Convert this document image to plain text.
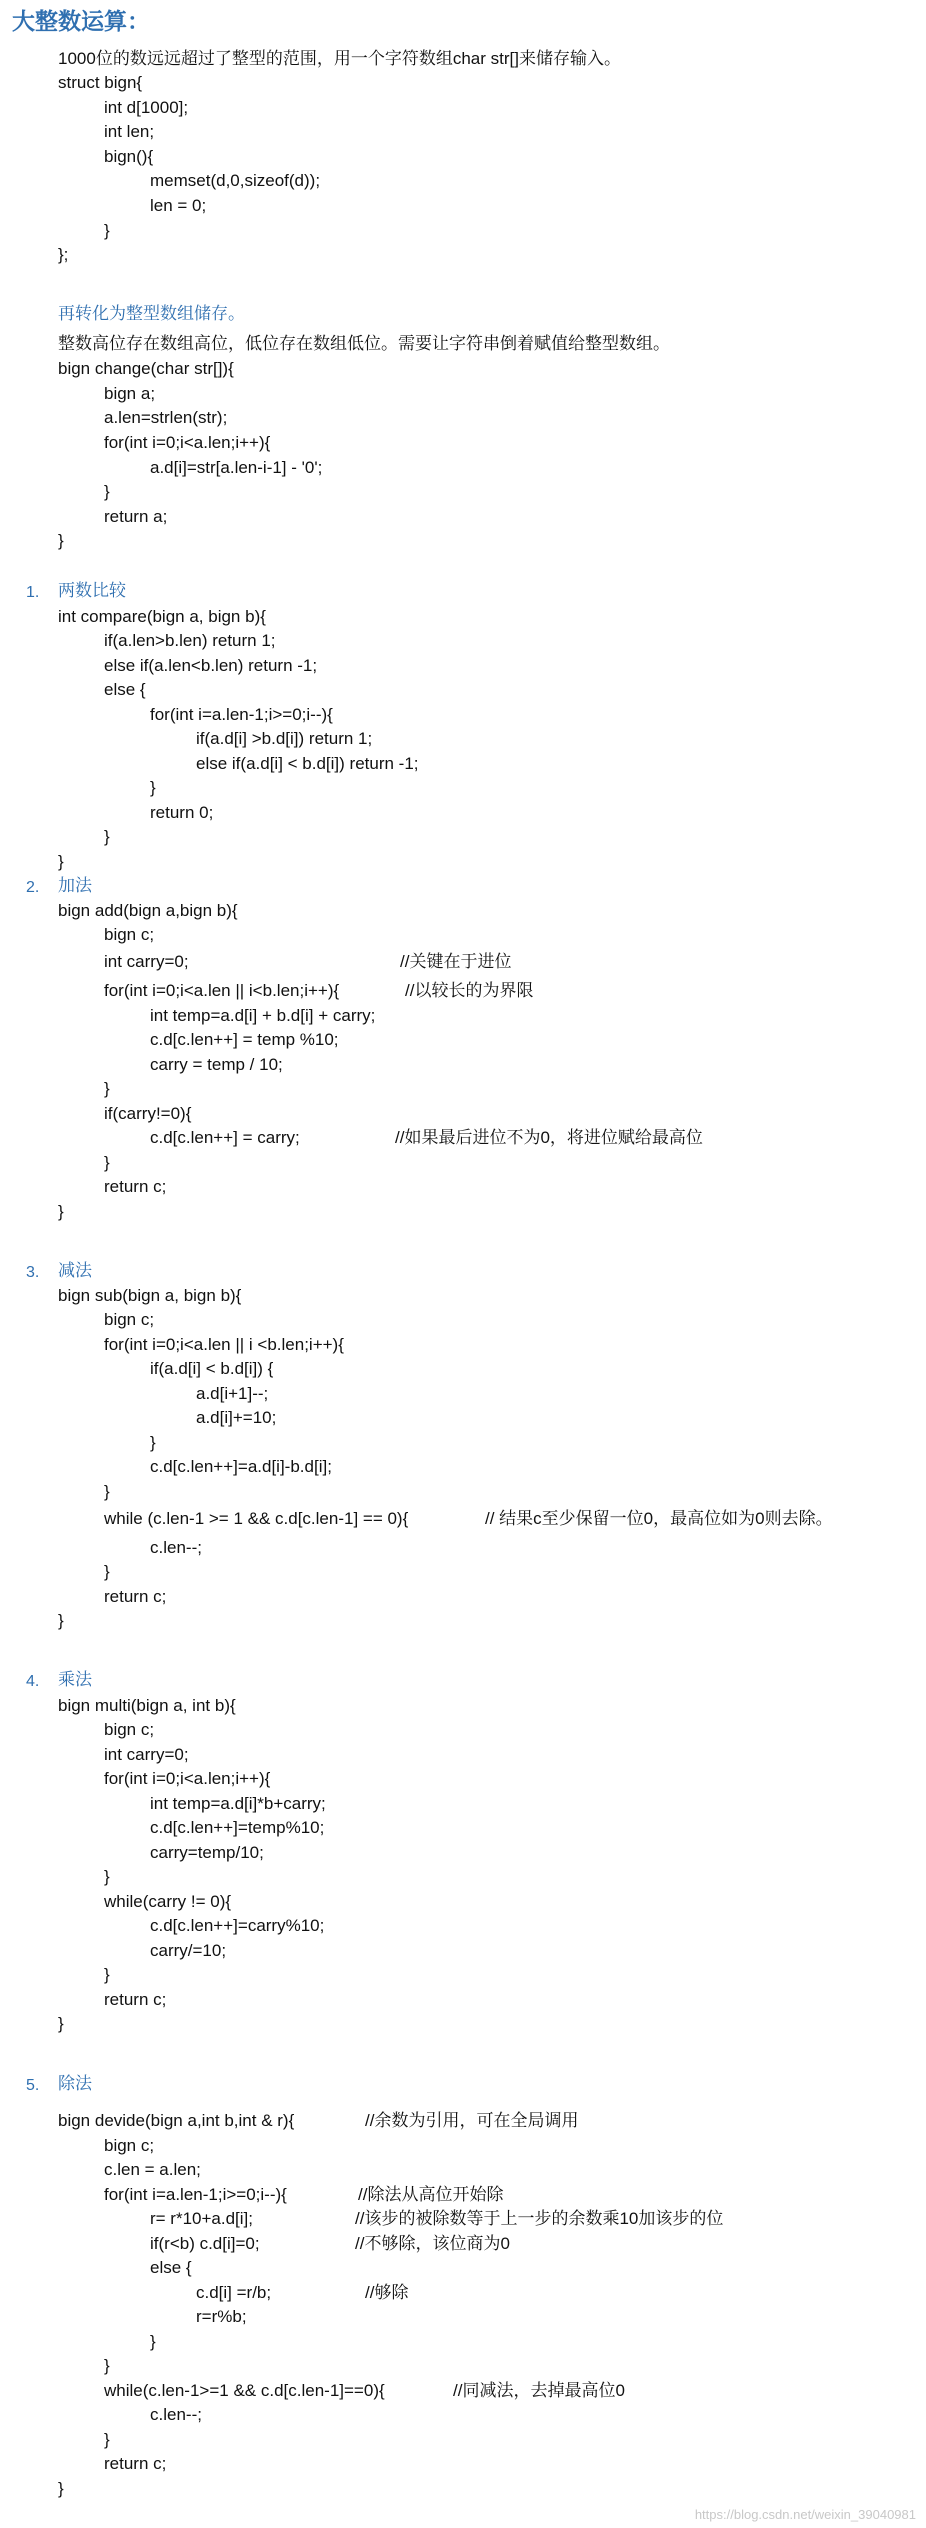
大整数运算：
1000位的数远远超过了整型的范围，用一个字符数组char str[]来储存输入。
struct bign{
int d[1000];
int len;
bign(){
memset(d,0,sizeof(d));
len = 0;
}
};
再转化为整型数组储存。
整数高位存在数组高位，低位存在数组低位。需要让字符串倒着赋值给整型数组。
bign change(char str[]){
bign a;
a.len=strlen(str);
for(int i=0;i<a.len;i++){
a.d[i]=str[a.len-i-1] - '0';
}
return a;
}
1. 两数比较
int compare(bign a, bign b){
if(a.len>b.len) return 1;
else if(a.len<b.len) return -1;
else {
for(int i=a.len-1;i>=0;i--){
if(a.d[i] >b.d[i]) return 1;
else if(a.d[i] < b.d[i]) return -1;
}
return 0;
}
}
2. 加法
bign add(bign a,bign b){
bign c;
int carry=0;	//关键在于进位
for(int i=0;i<a.len || i<b.len;i++){	//以较长的为界限
int temp=a.d[i] + b.d[i] + carry;
c.d[c.len++] = temp %10;
carry = temp / 10;
}
if(carry!=0){
c.d[c.len++] = carry;	//如果最后进位不为0，将进位赋给最高位
}
return c;
}
3. 减法
bign sub(bign a, bign b){
bign c;
for(int i=0;i<a.len || i <b.len;i++){
if(a.d[i] < b.d[i]) {
a.d[i+1]--;
a.d[i]+=10;
}
c.d[c.len++]=a.d[i]-b.d[i];
}
while (c.len-1 >= 1 && c.d[c.len-1] == 0){	// 结果c至少保留一位0，最高位如为0则去除。
c.len--;
}
return c;
}
4. 乘法
bign multi(bign a, int b){
bign c;
int carry=0;
for(int i=0;i<a.len;i++){
int temp=a.d[i]*b+carry;
c.d[c.len++]=temp%10;
carry=temp/10;
}
while(carry != 0){
c.d[c.len++]=carry%10;
carry/=10;
}
return c;
}
5. 除法
bign devide(bign a,int b,int & r){	//余数为引用，可在全局调用
bign c;
c.len = a.len;
for(int i=a.len-1;i>=0;i--){	//除法从高位开始除
r= r*10+a.d[i];	//该步的被除数等于上一步的余数乘10加该步的位
if(r<b) c.d[i]=0;	//不够除，该位商为0
else {
c.d[i] =r/b;	//够除
r=r%b;
}
}
while(c.len-1>=1 && c.d[c.len-1]==0){	//同减法，去掉最高位0
c.len--;
}
return c;
}
https://blog.csdn.net/weixin_39040981
